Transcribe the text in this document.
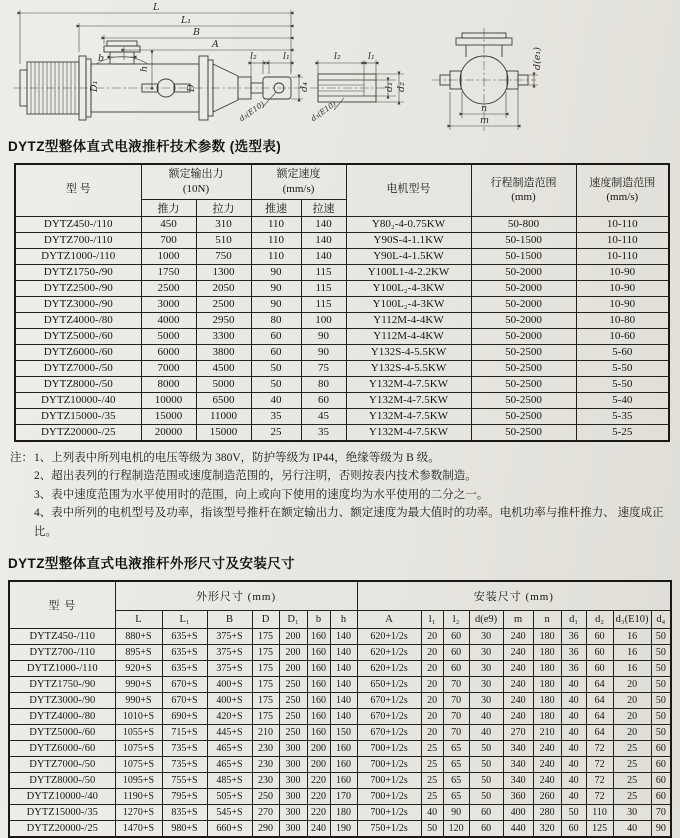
L
L₁
B
A
b	l₂	l₁
h
D₁	D	d₄
d₃(E10)
l₂	l₁
d₁ d₂
d₃(E10)
d(e₁)
n
m
DYTZ型整体直式电液推杆技术参数 (选型表)
型 号	
额定输出力
(10N)

额定速度
(mm/s)	电机型号	
行程制造范围
(mm)

速度制造范围
(mm/s)

	推力	拉力	推速	拉速			
DYTZ450-/110	450	310	110	140	Y80₂-4-0.75KW	50-800	10-110
DYTZ700-/110	700	510	110	140	Y90S-4-1.1KW	50-1500	10-110
DYTZ1000-/110	1000	750	110	140	Y90L-4-1.5KW	50-1500	10-110
DYTZ1750-/90	1750	1300	90	115	Y100L1-4-2.2KW	50-2000	10-90
DYTZ2500-/90	2500	2050	90	115	Y100L₂-4-3KW	50-2000	10-90
DYTZ3000-/90	3000	2500	90	115	Y100L₂-4-3KW	50-2000	10-90
DYTZ4000-/80	4000	2950	80	100	Y112M-4-4KW	50-2000	10-80
DYTZ5000-/60	5000	3300	60	90	Y112M-4-4KW	50-2000	10-60
DYTZ6000-/60	6000	3800	60	90	Y132S-4-5.5KW	50-2500	5-60
DYTZ7000-/50	7000	4500	50	75	Y132S-4-5.5KW	50-2500	5-50
DYTZ8000-/50	8000	5000	50	80	Y132M-4-7.5KW	50-2500	5-50
DYTZ10000-/40	10000	6500	40	60	Y132M-4-7.5KW	50-2500	5-40
DYTZ15000-/35	15000	11000	35	45	Y132M-4-7.5KW	50-2500	5-35
DYTZ20000-/25	20000	15000	25	35	Y132M-4-7.5KW	50-2500	5-25
注： 1、上列表中所列电机的电压等级为 380V，防护等级为 IP44，绝缘等级为 B 级。
2、超出表列的行程制造范围或速度制造范围的，另行注明，否则按表内技术参数制造。
3、表中速度范围为水平使用时的范围，向上或向下使用的速度均为水平使用的二分之一。
4、表中所列的电机型号及功率，指该型号推杆在额定输出力、额定速度为最大值时的功率。电机功率与推杆推力、 速度成正比。
DYTZ型整体直式电液推杆外形尺寸及安装尺寸
型 号	外形尺寸 (mm)							安装尺寸 (mm)									
	L	L₁	B	D	D₁	b	h	A	l₁	l₂	d(e9)	m	n	d₁	d₂	d₃(E10)	d₄
DYTZ450-/110	880+S	635+S	375+S	175	200	160	140	620+1/2s	20	60	30	240	180	36	60	16	50
DYTZ700-/110	895+S	635+S	375+S	175	200	160	140	620+1/2s	20	60	30	240	180	36	60	16	50
DYTZ1000-/110	920+S	635+S	375+S	175	200	160	140	620+1/2s	20	60	30	240	180	36	60	16	50
DYTZ1750-/90	990+S	670+S	400+S	175	250	160	140	650+1/2s	20	70	30	240	180	40	64	20	50
DYTZ3000-/90	990+S	670+S	400+S	175	250	160	140	670+1/2s	20	70	30	240	180	40	64	20	50
DYTZ4000-/80	1010+S	690+S	420+S	175	250	160	140	670+1/2s	20	70	40	240	180	40	64	20	50
DYTZ5000-/60	1055+S	715+S	445+S	210	250	160	150	670+1/2s	20	70	40	270	210	40	64	20	50
DYTZ6000-/60	1075+S	735+S	465+S	230	300	200	160	700+1/2s	25	65	50	340	240	40	72	25	60
DYTZ7000-/50	1075+S	735+S	465+S	230	300	200	160	700+1/2s	25	65	50	340	240	40	72	25	60
DYTZ8000-/50	1095+S	755+S	485+S	230	300	220	160	700+1/2s	25	65	50	340	240	40	72	25	60
DYTZ10000-/40	1190+S	795+S	505+S	250	300	220	170	700+1/2s	25	65	50	360	260	40	72	25	60
DYTZ15000-/35	1270+S	835+S	545+S	270	300	220	180	700+1/2s	40	90	60	400	280	50	110	30	70
DYTZ20000-/25	1470+S	980+S	660+S	290	300	240	190	750+1/2s	50	120	60	440	320	60	125	40	90
